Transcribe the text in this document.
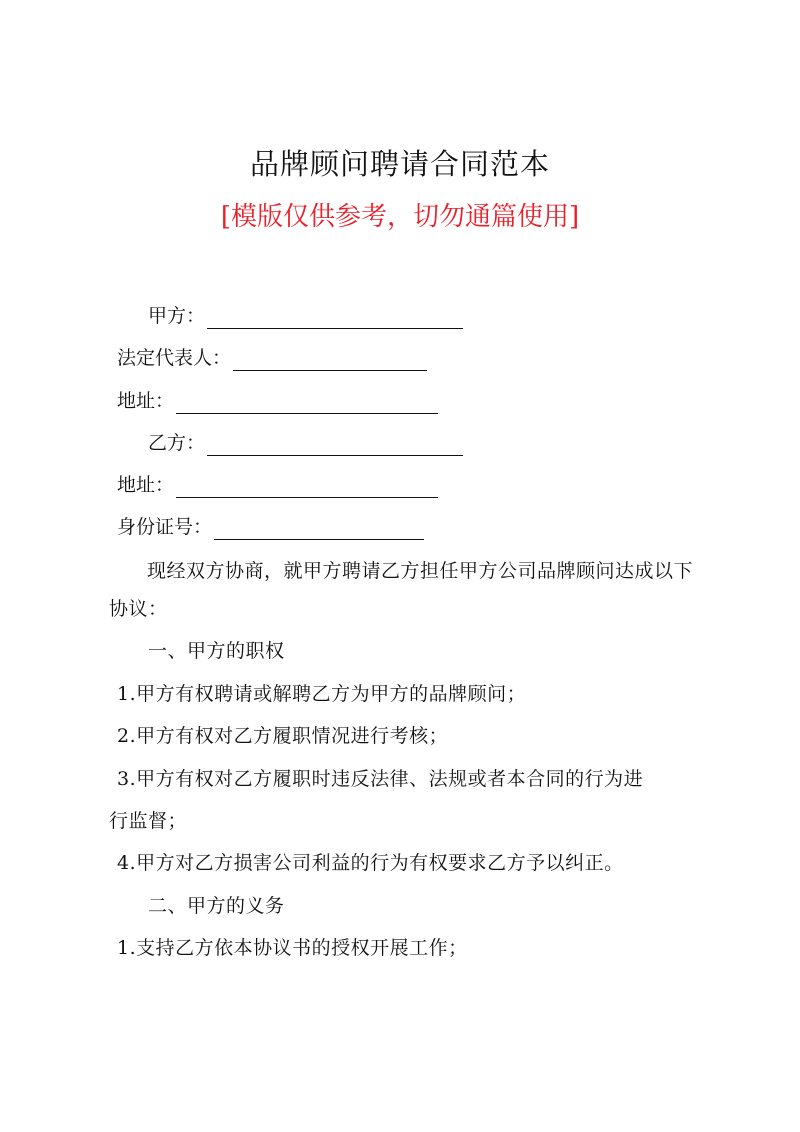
品牌顾问聘请合同范本
[模版仅供参考，切勿通篇使用]
甲方：
法定代表人：
地址：
乙方：
地址：
身份证号：
现经双方协商，就甲方聘请乙方担任甲方公司品牌顾问达成以下协议：
一、甲方的职权
1.甲方有权聘请或解聘乙方为甲方的品牌顾问；
2.甲方有权对乙方履职情况进行考核；
3.甲方有权对乙方履职时违反法律、法规或者本合同的行为进
行监督；
4.甲方对乙方损害公司利益的行为有权要求乙方予以纠正。
二、甲方的义务
1.支持乙方依本协议书的授权开展工作；
